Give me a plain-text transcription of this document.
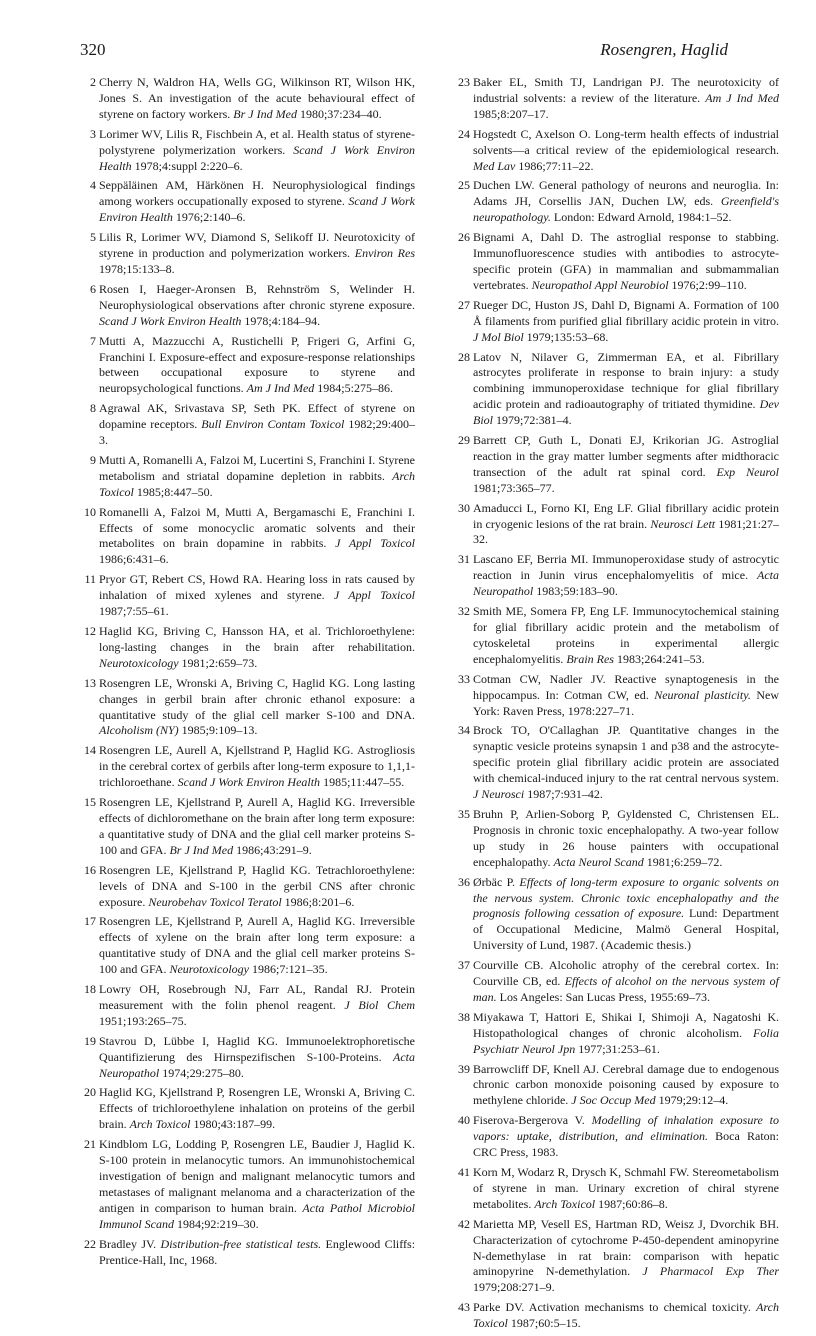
320	Rosengren, Haglid
2 Cherry N, Waldron HA, Wells GG, Wilkinson RT, Wilson HK, Jones S. An investigation of the acute behavioural effect of styrene on factory workers. Br J Ind Med 1980;37:234–40.
3 Lorimer WV, Lilis R, Fischbein A, et al. Health status of styrene-polystyrene polymerization workers. Scand J Work Environ Health 1978;4:suppl 2:220–6.
4 Seppäläinen AM, Härkönen H. Neurophysiological findings among workers occupationally exposed to styrene. Scand J Work Environ Health 1976;2:140–6.
5 Lilis R, Lorimer WV, Diamond S, Selikoff IJ. Neurotoxicity of styrene in production and polymerization workers. Environ Res 1978;15:133–8.
6 Rosen I, Haeger-Aronsen B, Rehnström S, Welinder H. Neurophysiological observations after chronic styrene exposure. Scand J Work Environ Health 1978;4:184–94.
7 Mutti A, Mazzucchi A, Rustichelli P, Frigeri G, Arfini G, Franchini I. Exposure-effect and exposure-response relationships between occupational exposure to styrene and neuropsychological functions. Am J Ind Med 1984;5:275–86.
8 Agrawal AK, Srivastava SP, Seth PK. Effect of styrene on dopamine receptors. Bull Environ Contam Toxicol 1982;29:400–3.
9 Mutti A, Romanelli A, Falzoi M, Lucertini S, Franchini I. Styrene metabolism and striatal dopamine depletion in rabbits. Arch Toxicol 1985;8:447–50.
10 Romanelli A, Falzoi M, Mutti A, Bergamaschi E, Franchini I. Effects of some monocyclic aromatic solvents and their metabolites on brain dopamine in rabbits. J Appl Toxicol 1986;6:431–6.
11 Pryor GT, Rebert CS, Howd RA. Hearing loss in rats caused by inhalation of mixed xylenes and styrene. J Appl Toxicol 1987;7:55–61.
12 Haglid KG, Briving C, Hansson HA, et al. Trichloroethylene: long-lasting changes in the brain after rehabilitation. Neurotoxicology 1981;2:659–73.
13 Rosengren LE, Wronski A, Briving C, Haglid KG. Long lasting changes in gerbil brain after chronic ethanol exposure: a quantitative study of the glial cell marker S-100 and DNA. Alcoholism (NY) 1985;9:109–13.
14 Rosengren LE, Aurell A, Kjellstrand P, Haglid KG. Astrogliosis in the cerebral cortex of gerbils after long-term exposure to 1,1,1-trichloroethane. Scand J Work Environ Health 1985;11:447–55.
15 Rosengren LE, Kjellstrand P, Aurell A, Haglid KG. Irreversible effects of dichloromethane on the brain after long term exposure: a quantitative study of DNA and the glial cell marker proteins S-100 and GFA. Br J Ind Med 1986;43:291–9.
16 Rosengren LE, Kjellstrand P, Haglid KG. Tetrachloroethylene: levels of DNA and S-100 in the gerbil CNS after chronic exposure. Neurobehav Toxicol Teratol 1986;8:201–6.
17 Rosengren LE, Kjellstrand P, Aurell A, Haglid KG. Irreversible effects of xylene on the brain after long term exposure: a quantitative study of DNA and the glial cell marker proteins S-100 and GFA. Neurotoxicology 1986;7:121–35.
18 Lowry OH, Rosebrough NJ, Farr AL, Randal RJ. Protein measurement with the folin phenol reagent. J Biol Chem 1951;193:265–75.
19 Stavrou D, Lübbe I, Haglid KG. Immunoelektrophoretische Quantifizierung des Hirnspezifischen S-100-Proteins. Acta Neuropathol 1974;29:275–80.
20 Haglid KG, Kjellstrand P, Rosengren LE, Wronski A, Briving C. Effects of trichloroethylene inhalation on proteins of the gerbil brain. Arch Toxicol 1980;43:187–99.
21 Kindblom LG, Lodding P, Rosengren LE, Baudier J, Haglid K. S-100 protein in melanocytic tumors. An immunohistochemical investigation of benign and malignant melanocytic tumors and metastases of malignant melanoma and a characterization of the antigen in comparison to human brain. Acta Pathol Microbiol Immunol Scand 1984;92:219–30.
22 Bradley JV. Distribution-free statistical tests. Englewood Cliffs: Prentice-Hall, Inc, 1968.
23 Baker EL, Smith TJ, Landrigan PJ. The neurotoxicity of industrial solvents: a review of the literature. Am J Ind Med 1985;8:207–17.
24 Hogstedt C, Axelson O. Long-term health effects of industrial solvents—a critical review of the epidemiological research. Med Lav 1986;77:11–22.
25 Duchen LW. General pathology of neurons and neuroglia. In: Adams JH, Corsellis JAN, Duchen LW, eds. Greenfield's neuropathology. London: Edward Arnold, 1984:1–52.
26 Bignami A, Dahl D. The astroglial response to stabbing. Immunofluorescence studies with antibodies to astrocyte-specific protein (GFA) in mammalian and submammalian vertebrates. Neuropathol Appl Neurobiol 1976;2:99–110.
27 Rueger DC, Huston JS, Dahl D, Bignami A. Formation of 100 Å filaments from purified glial fibrillary acidic protein in vitro. J Mol Biol 1979;135:53–68.
28 Latov N, Nilaver G, Zimmerman EA, et al. Fibrillary astrocytes proliferate in response to brain injury: a study combining immunoperoxidase technique for glial fibrillary acidic protein and radioautography of tritiated thymidine. Dev Biol 1979;72:381–4.
29 Barrett CP, Guth L, Donati EJ, Krikorian JG. Astroglial reaction in the gray matter lumber segments after midthoracic transection of the adult rat spinal cord. Exp Neurol 1981;73:365–77.
30 Amaducci L, Forno KI, Eng LF. Glial fibrillary acidic protein in cryogenic lesions of the rat brain. Neurosci Lett 1981;21:27–32.
31 Lascano EF, Berria MI. Immunoperoxidase study of astrocytic reaction in Junin virus encephalomyelitis of mice. Acta Neuropathol 1983;59:183–90.
32 Smith ME, Somera FP, Eng LF. Immunocytochemical staining for glial fibrillary acidic protein and the metabolism of cytoskeletal proteins in experimental allergic encephalomyelitis. Brain Res 1983;264:241–53.
33 Cotman CW, Nadler JV. Reactive synaptogenesis in the hippocampus. In: Cotman CW, ed. Neuronal plasticity. New York: Raven Press, 1978:227–71.
34 Brock TO, O'Callaghan JP. Quantitative changes in the synaptic vesicle proteins synapsin 1 and p38 and the astrocyte-specific protein glial fibrillary acidic protein are associated with chemical-induced injury to the rat central nervous system. J Neurosci 1987;7:931–42.
35 Bruhn P, Arlien-Soborg P, Gyldensted C, Christensen EL. Prognosis in chronic toxic encephalopathy. A two-year follow up study in 26 house painters with occupational encephalopathy. Acta Neurol Scand 1981;6:259–72.
36 Ørbäc P. Effects of long-term exposure to organic solvents on the nervous system. Chronic toxic encephalopathy and the prognosis following cessation of exposure. Lund: Department of Occupational Medicine, Malmö General Hospital, University of Lund, 1987. (Academic thesis.)
37 Courville CB. Alcoholic atrophy of the cerebral cortex. In: Courville CB, ed. Effects of alcohol on the nervous system of man. Los Angeles: San Lucas Press, 1955:69–73.
38 Miyakawa T, Hattori E, Shikai I, Shimoji A, Nagatoshi K. Histopathological changes of chronic alcoholism. Folia Psychiatr Neurol Jpn 1977;31:253–61.
39 Barrowcliff DF, Knell AJ. Cerebral damage due to endogenous chronic carbon monoxide poisoning caused by exposure to methylene chloride. J Soc Occup Med 1979;29:12–4.
40 Fiserova-Bergerova V. Modelling of inhalation exposure to vapors: uptake, distribution, and elimination. Boca Raton: CRC Press, 1983.
41 Korn M, Wodarz R, Drysch K, Schmahl FW. Stereometabolism of styrene in man. Urinary excretion of chiral styrene metabolites. Arch Toxicol 1987;60:86–8.
42 Marietta MP, Vesell ES, Hartman RD, Weisz J, Dvorchik BH. Characterization of cytochrome P-450-dependent aminopyrine N-demethylase in rat brain: comparison with hepatic aminopyrine N-demethylation. J Pharmacol Exp Ther 1979;208:271–9.
43 Parke DV. Activation mechanisms to chemical toxicity. Arch Toxicol 1987;60:5–15.
